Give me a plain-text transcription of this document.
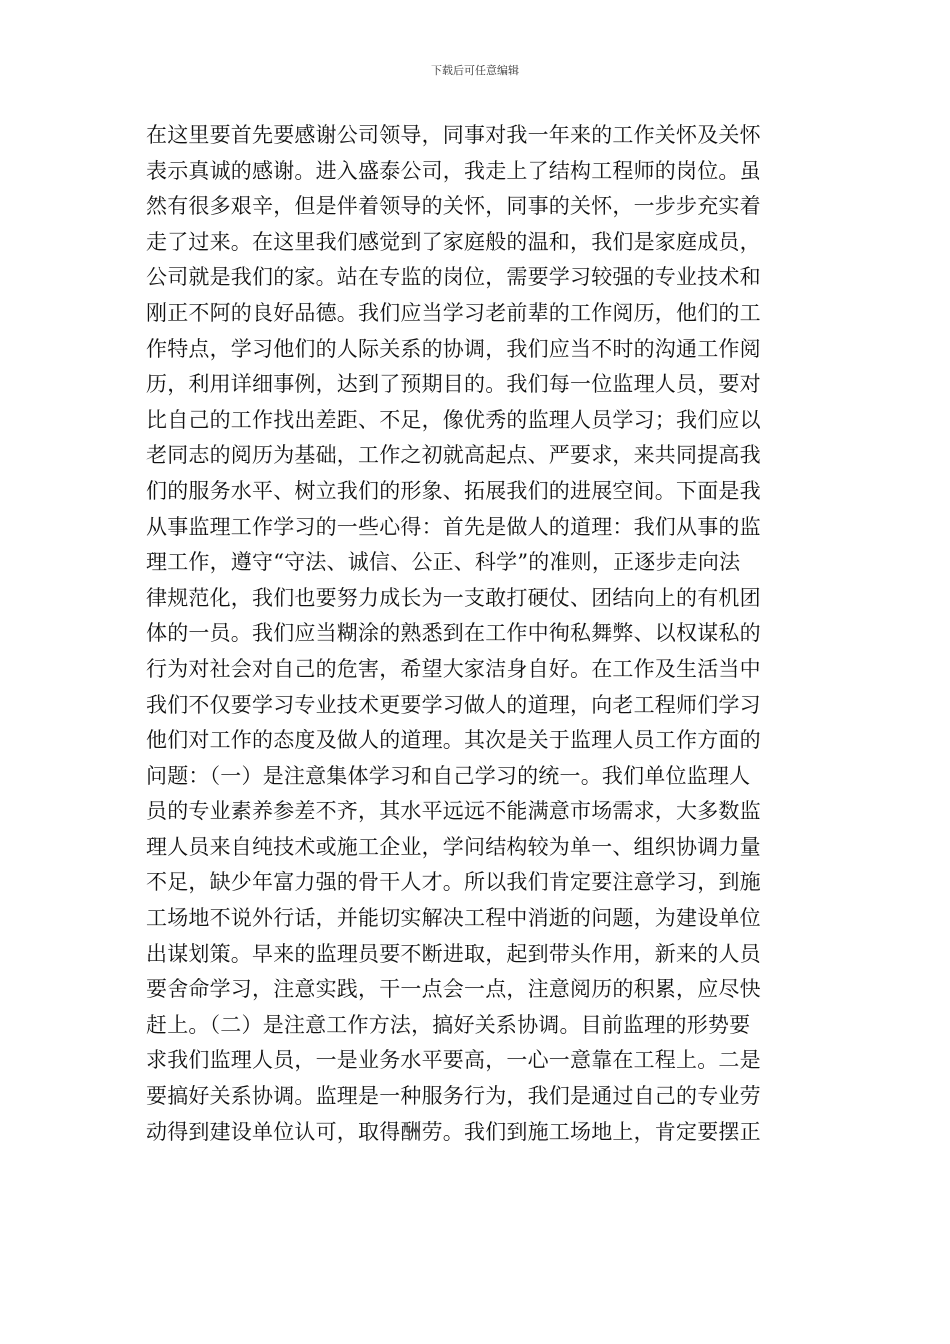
下载后可任意编辑
在这里要首先要感谢公司领导，同事对我一年来的工作关怀及关怀
表示真诚的感谢。进入盛泰公司，我走上了结构工程师的岗位。虽
然有很多艰辛，但是伴着领导的关怀，同事的关怀，一步步充实着
走了过来。在这里我们感觉到了家庭般的温和，我们是家庭成员，
公司就是我们的家。站在专监的岗位，需要学习较强的专业技术和
刚正不阿的良好品德。我们应当学习老前辈的工作阅历，他们的工
作特点，学习他们的人际关系的协调，我们应当不时的沟通工作阅
历，利用详细事例，达到了预期目的。我们每一位监理人员，要对
比自己的工作找出差距、不足，像优秀的监理人员学习；我们应以
老同志的阅历为基础，工作之初就高起点、严要求，来共同提高我
们的服务水平、树立我们的形象、拓展我们的进展空间。下面是我
从事监理工作学习的一些心得：首先是做人的道理：我们从事的监
理工作，遵守“守法、诚信、公正、科学”的准则，正逐步走向法
律规范化，我们也要努力成长为一支敢打硬仗、团结向上的有机团
体的一员。我们应当糊涂的熟悉到在工作中徇私舞弊、以权谋私的
行为对社会对自己的危害，希望大家洁身自好。在工作及生活当中
我们不仅要学习专业技术更要学习做人的道理，向老工程师们学习
他们对工作的态度及做人的道理。其次是关于监理人员工作方面的
问题：（一）是注意集体学习和自己学习的统一。我们单位监理人
员的专业素养参差不齐，其水平远远不能满意市场需求，大多数监
理人员来自纯技术或施工企业，学问结构较为单一、组织协调力量
不足，缺少年富力强的骨干人才。所以我们肯定要注意学习，到施
工场地不说外行话，并能切实解决工程中消逝的问题，为建设单位
出谋划策。早来的监理员要不断进取，起到带头作用，新来的人员
要舍命学习，注意实践，干一点会一点，注意阅历的积累，应尽快
赶上。（二）是注意工作方法，搞好关系协调。目前监理的形势要
求我们监理人员，一是业务水平要高，一心一意靠在工程上。二是
要搞好关系协调。监理是一种服务行为，我们是通过自己的专业劳
动得到建设单位认可，取得酬劳。我们到施工场地上，肯定要摆正
